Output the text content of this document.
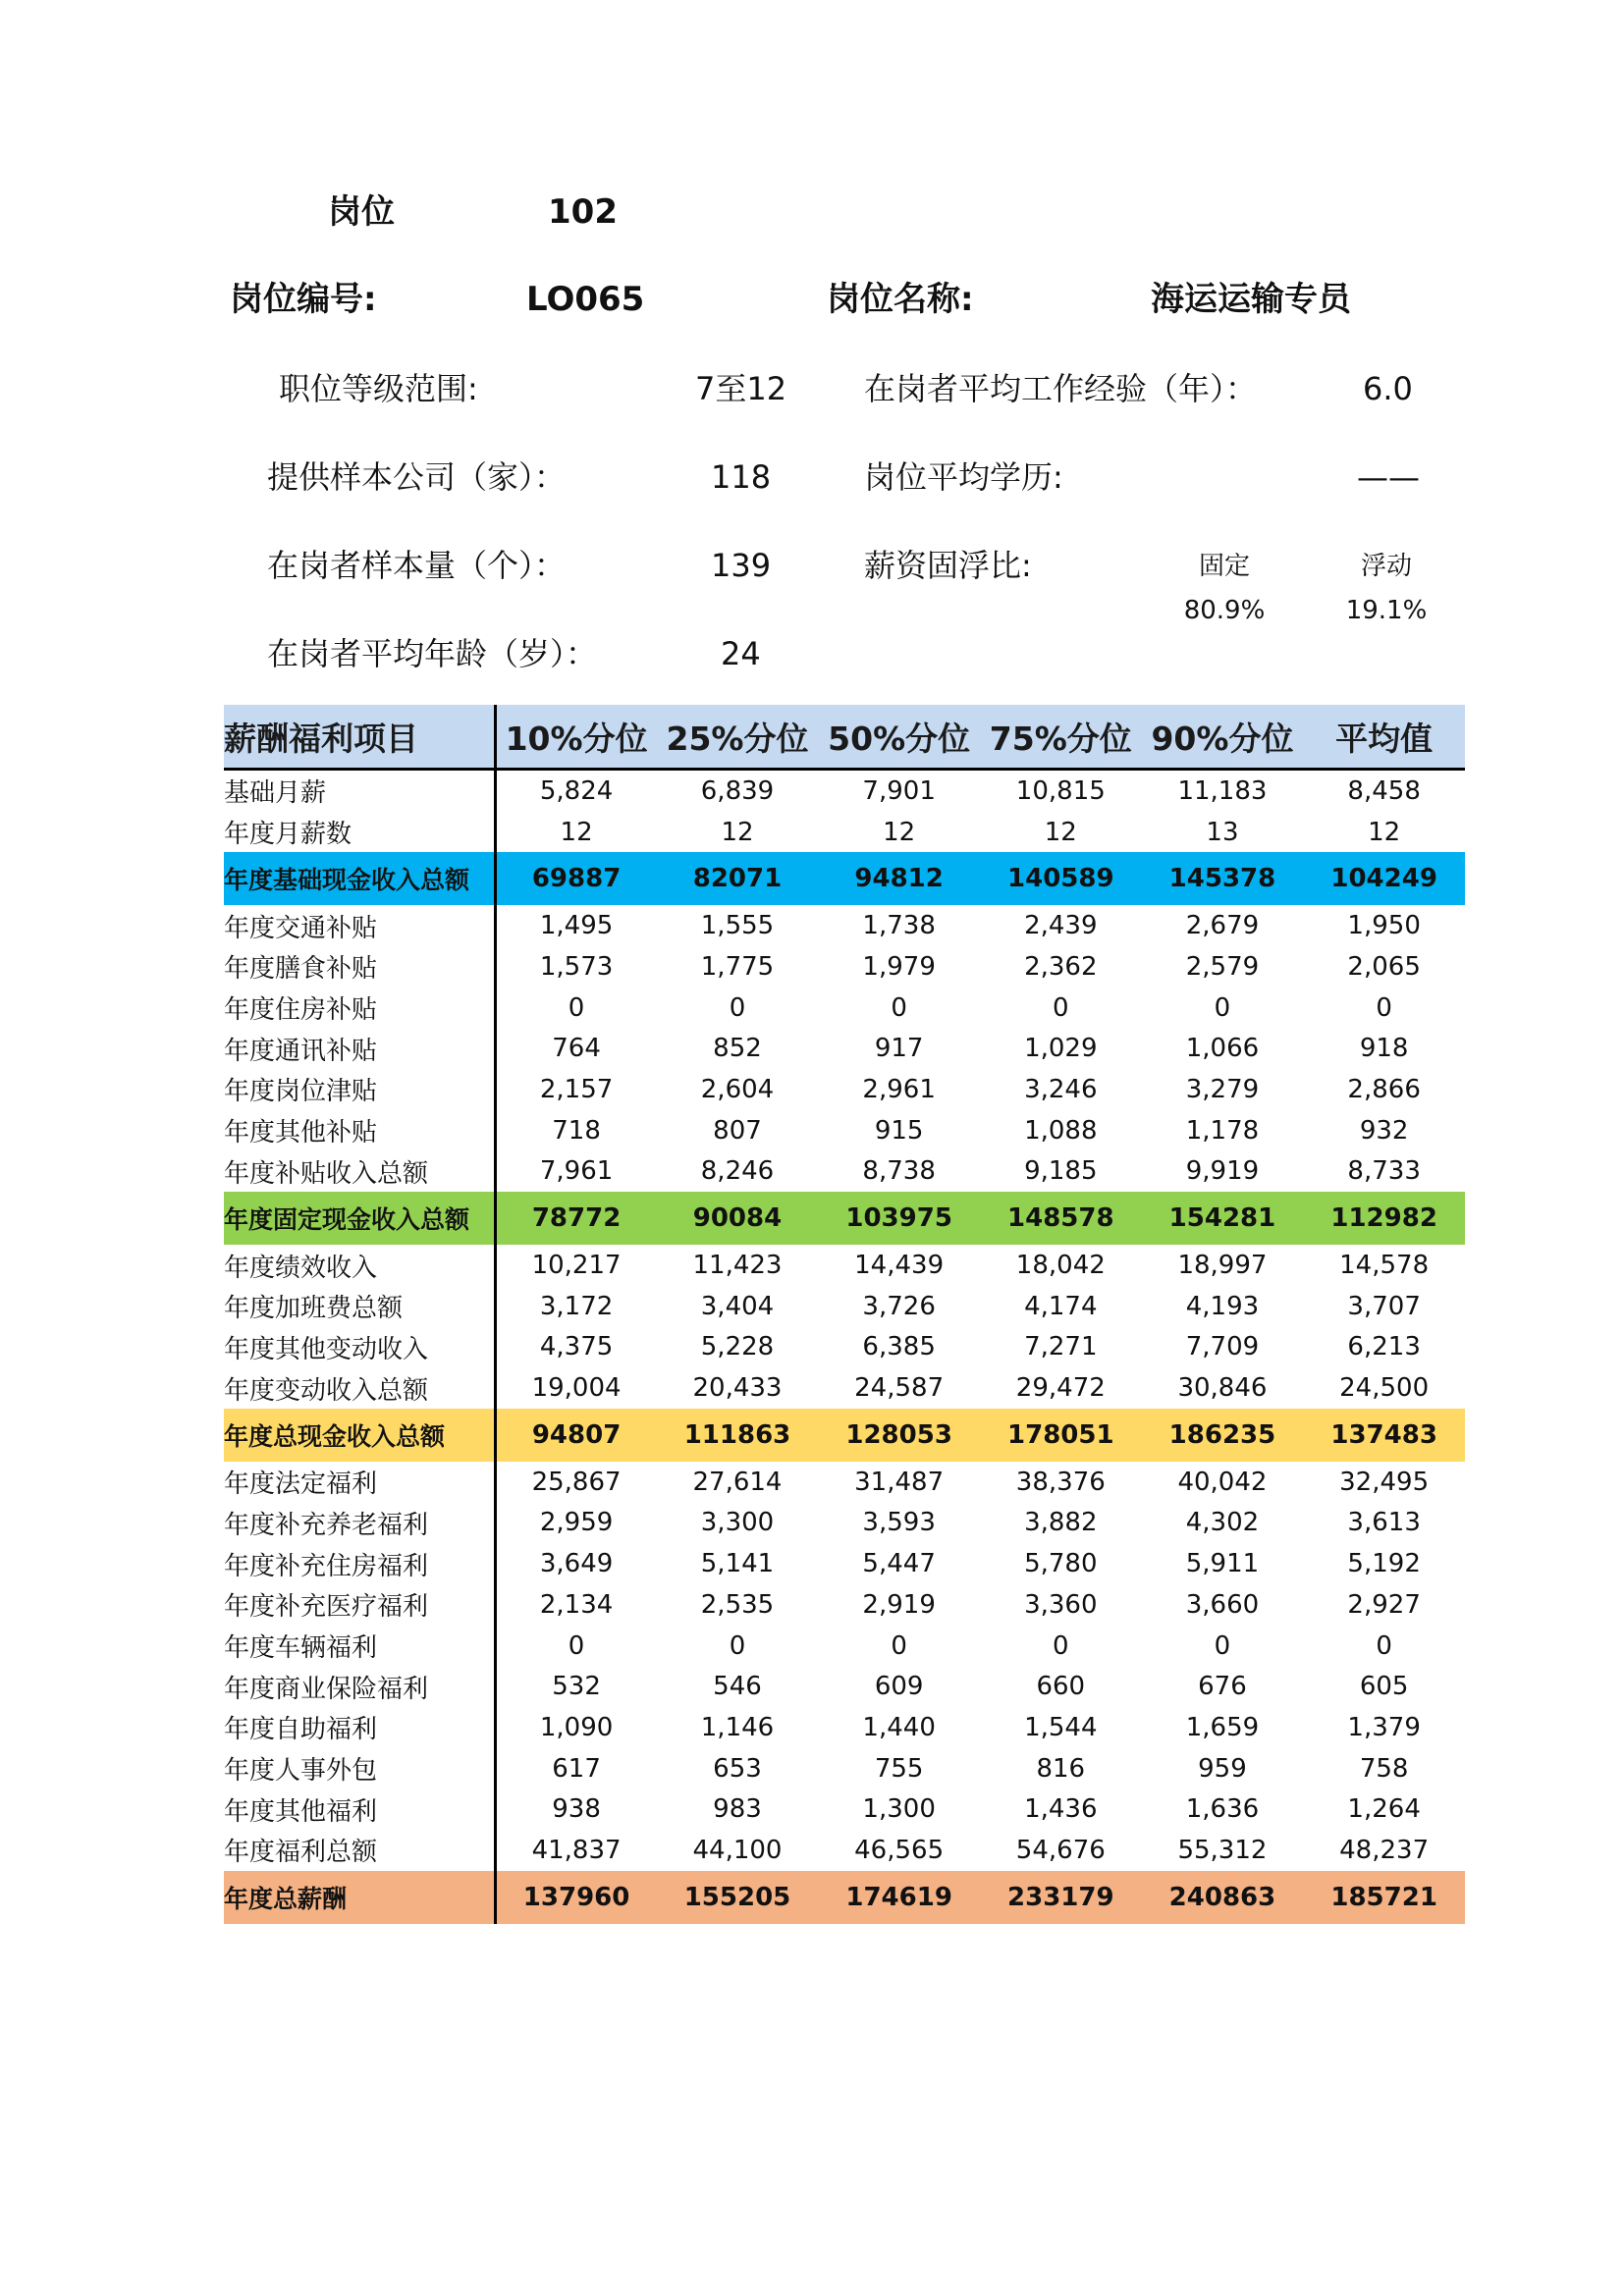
岗位	102
岗位编号:	LO065	岗位名称:	海运运输专员
职位等级范围:	7至12 在岗者平均工作经验（年）：	6.0
提供样本公司（家）：	118	岗位平均学历:	——
在岗者样本量（个）：	139	薪资固浮比:	固定	浮动
80.9%	19.1%
在岗者平均年龄（岁）：	24
薪酬福利项目	10%分位	25%分位	50%分位	75%分位	90%分位	平均值
基础月薪	5,824	6,839	7,901	10,815	11,183	8,458
年度月薪数	12	12	12	12	13	12
年度基础现金收入总额	69887	82071	94812	140589	145378	104249
年度交通补贴	1,495	1,555	1,738	2,439	2,679	1,950
年度膳食补贴	1,573	1,775	1,979	2,362	2,579	2,065
年度住房补贴	0	0	0	0	0	0
年度通讯补贴	764	852	917	1,029	1,066	918
年度岗位津贴	2,157	2,604	2,961	3,246	3,279	2,866
年度其他补贴	718	807	915	1,088	1,178	932
年度补贴收入总额	7,961	8,246	8,738	9,185	9,919	8,733
年度固定现金收入总额	78772	90084	103975	148578	154281	112982
年度绩效收入	10,217	11,423	14,439	18,042	18,997	14,578
年度加班费总额	3,172	3,404	3,726	4,174	4,193	3,707
年度其他变动收入	4,375	5,228	6,385	7,271	7,709	6,213
年度变动收入总额	19,004	20,433	24,587	29,472	30,846	24,500
年度总现金收入总额	94807	111863	128053	178051	186235	137483
年度法定福利	25,867	27,614	31,487	38,376	40,042	32,495
年度补充养老福利	2,959	3,300	3,593	3,882	4,302	3,613
年度补充住房福利	3,649	5,141	5,447	5,780	5,911	5,192
年度补充医疗福利	2,134	2,535	2,919	3,360	3,660	2,927
年度车辆福利	0	0	0	0	0	0
年度商业保险福利	532	546	609	660	676	605
年度自助福利	1,090	1,146	1,440	1,544	1,659	1,379
年度人事外包	617	653	755	816	959	758
年度其他福利	938	983	1,300	1,436	1,636	1,264
年度福利总额	41,837	44,100	46,565	54,676	55,312	48,237
年度总薪酬	137960	155205	174619	233179	240863	185721
